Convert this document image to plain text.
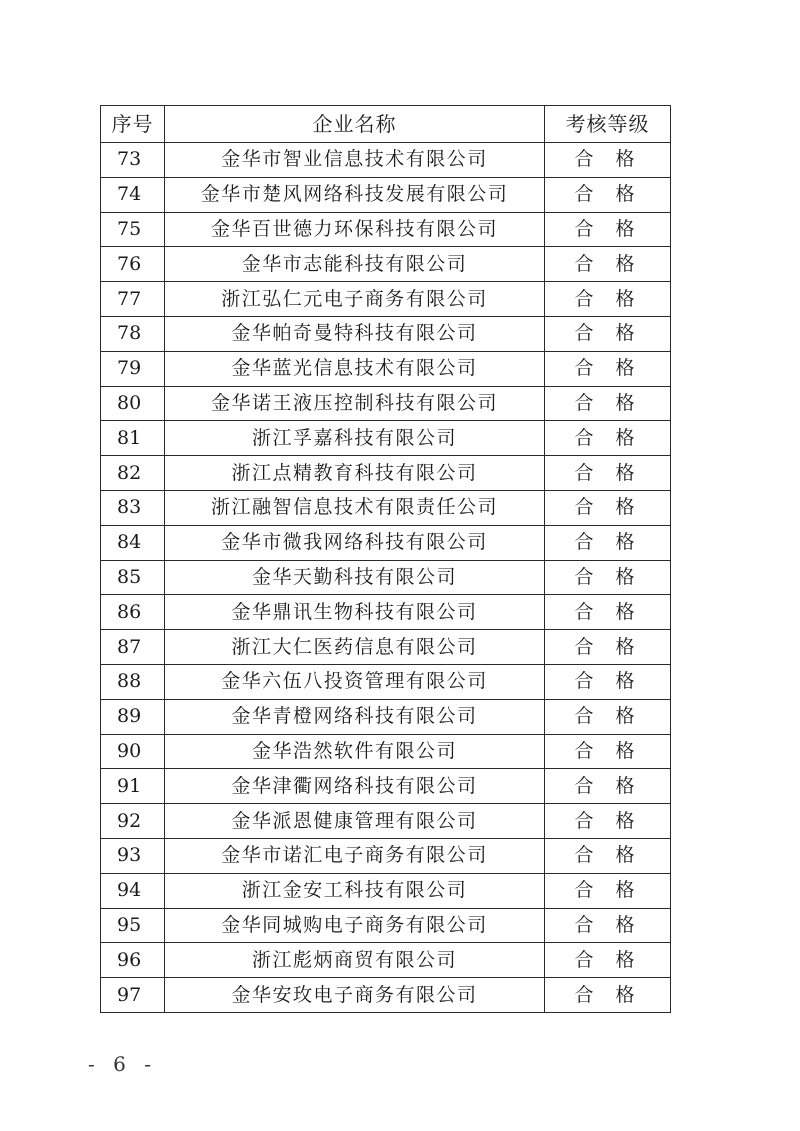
序号	企业名称	考核等级
73	金华市智业信息技术有限公司	合格
74	金华市楚风网络科技发展有限公司	合格
75	金华百世德力环保科技有限公司	合格
76	金华市志能科技有限公司	合格
77	浙江弘仁元电子商务有限公司	合格
78	金华帕奇曼特科技有限公司	合格
79	金华蓝光信息技术有限公司	合格
80	金华诺王液压控制科技有限公司	合格
81	浙江孚嘉科技有限公司	合格
82	浙江点精教育科技有限公司	合格
83	浙江融智信息技术有限责任公司	合格
84	金华市微我网络科技有限公司	合格
85	金华天勤科技有限公司	合格
86	金华鼎讯生物科技有限公司	合格
87	浙江大仁医药信息有限公司	合格
88	金华六伍八投资管理有限公司	合格
89	金华青橙网络科技有限公司	合格
90	金华浩然软件有限公司	合格
91	金华津衢网络科技有限公司	合格
92	金华派恩健康管理有限公司	合格
93	金华市诺汇电子商务有限公司	合格
94	浙江金安工科技有限公司	合格
95	金华同城购电子商务有限公司	合格
96	浙江彪炳商贸有限公司	合格
97	金华安玫电子商务有限公司	合格
- 6 -
